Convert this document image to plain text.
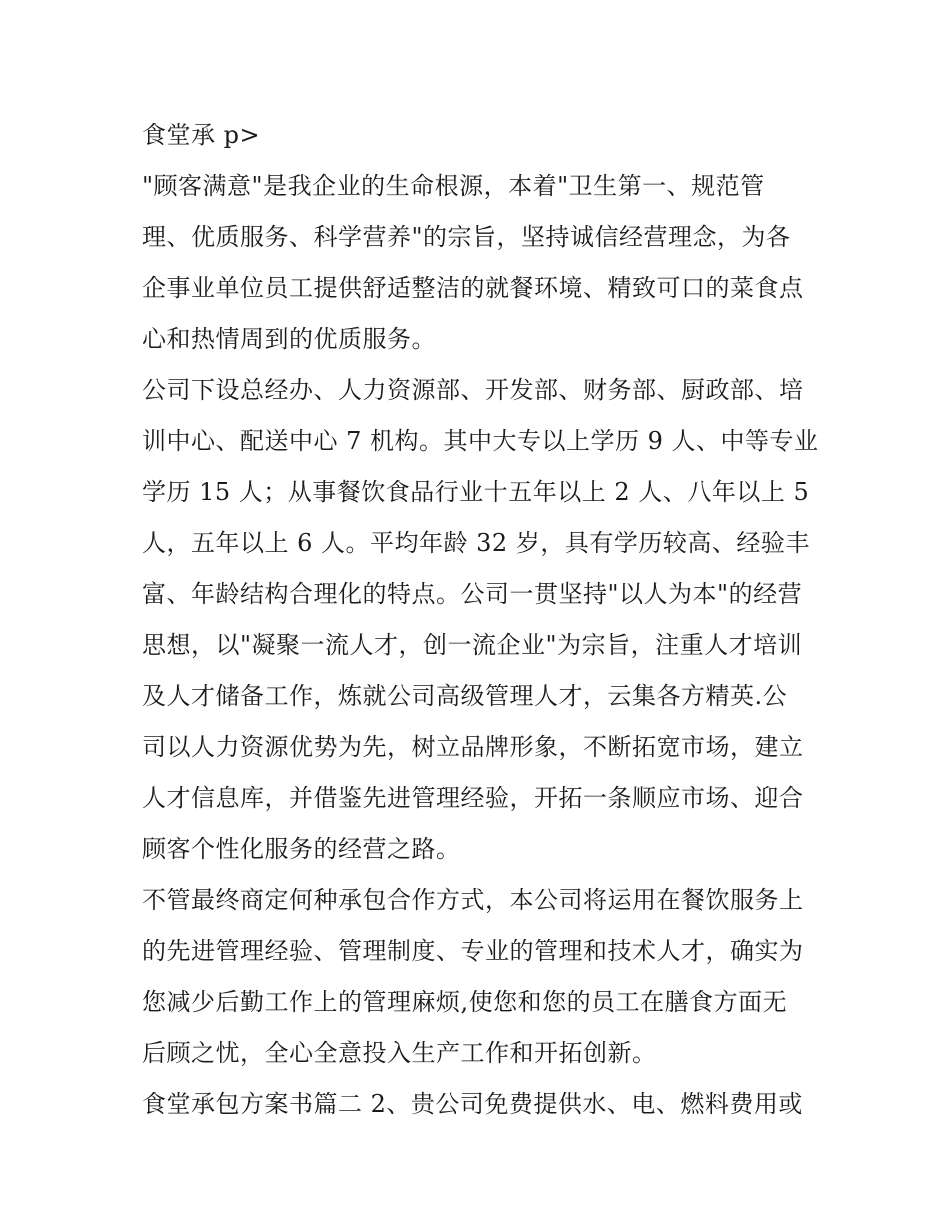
食堂承 p>
"顾客满意"是我企业的生命根源，本着"卫生第一、规范管
理、优质服务、科学营养"的宗旨，坚持诚信经营理念，为各
企事业单位员工提供舒适整洁的就餐环境、精致可口的菜食点
心和热情周到的优质服务。
公司下设总经办、人力资源部、开发部、财务部、厨政部、培
训中心、配送中心 7 机构。其中大专以上学历 9 人、中等专业
学历 15 人；从事餐饮食品行业十五年以上 2 人、八年以上 5
人，五年以上 6 人。平均年龄 32 岁，具有学历较高、经验丰
富、年龄结构合理化的特点。公司一贯坚持"以人为本"的经营
思想，以"凝聚一流人才，创一流企业"为宗旨，注重人才培训
及人才储备工作，炼就公司高级管理人才，云集各方精英.公
司以人力资源优势为先，树立品牌形象，不断拓宽市场，建立
人才信息库，并借鉴先进管理经验，开拓一条顺应市场、迎合
顾客个性化服务的经营之路。
不管最终商定何种承包合作方式，本公司将运用在餐饮服务上
的先进管理经验、管理制度、专业的管理和技术人才，确实为
您减少后勤工作上的管理麻烦,使您和您的员工在膳食方面无
后顾之忧，全心全意投入生产工作和开拓创新。
食堂承包方案书篇二 2、贵公司免费提供水、电、燃料费用或
